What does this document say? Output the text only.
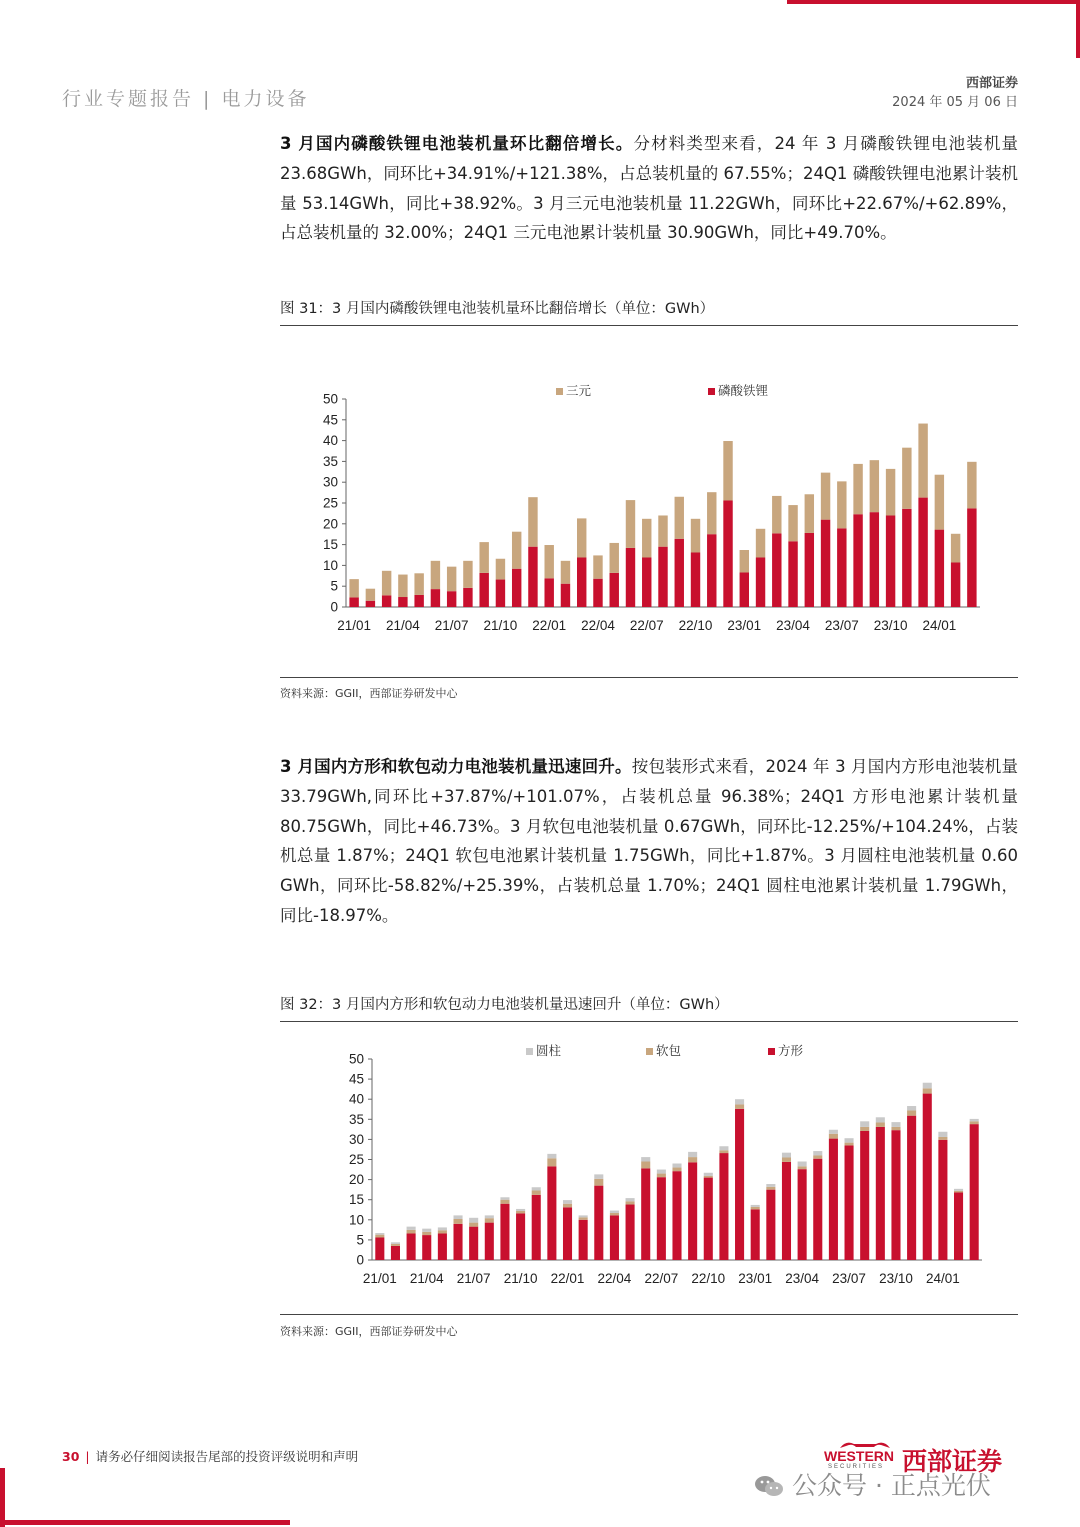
行业专题报告 | 电力设备
西部证券
2024 年 05 月 06 日
3 月国内磷酸铁锂电池装机量环比翻倍增长。分材料类型来看，24 年 3 月磷酸铁锂电池装机量 23.68GWh，同环比+34.91%/+121.38%，占总装机量的 67.55%；24Q1 磷酸铁锂电池累计装机量 53.14GWh，同比+38.92%。3 月三元电池装机量 11.22GWh，同环比+22.67%/+62.89%，占总装机量的 32.00%；24Q1 三元电池累计装机量 30.90GWh，同比+49.70%。
图 31：3 月国内磷酸铁锂电池装机量环比翻倍增长（单位：GWh）
0
5
10
15
20
25
30
35
40
45
50
21/01 21/04 21/07 21/10 22/01 22/04 22/07 22/10 23/01 23/04 23/07 23/10 24/01
三元	磷酸铁锂
资料来源：GGII，西部证券研发中心
3 月国内方形和软包动力电池装机量迅速回升。按包装形式来看，2024 年 3 月国内方形电池装机量 33.79GWh,同环比+37.87%/+101.07%，占装机总量 96.38%；24Q1 方形电池累计装机量 80.75GWh，同比+46.73%。3 月软包电池装机量 0.67GWh，同环比-12.25%/+104.24%，占装机总量 1.87%；24Q1 软包电池累计装机量 1.75GWh，同比+1.87%。3 月圆柱电池装机量 0.60 GWh，同环比-58.82%/+25.39%，占装机总量 1.70%；24Q1 圆柱电池累计装机量 1.79GWh，同比-18.97%。
图 32：3 月国内方形和软包动力电池装机量迅速回升（单位：GWh）
0
5
10
15
20
25
30
35
40
45
50
21/01 21/04 21/07 21/10 22/01 22/04 22/07 22/10 23/01 23/04 23/07 23/10 24/01
圆柱	软包	方形
资料来源：GGII，西部证券研发中心
30 | 请务必仔细阅读报告尾部的投资评级说明和声明	WESTERN
SECURITIES 西部证券
公众号 · 正点光伏
